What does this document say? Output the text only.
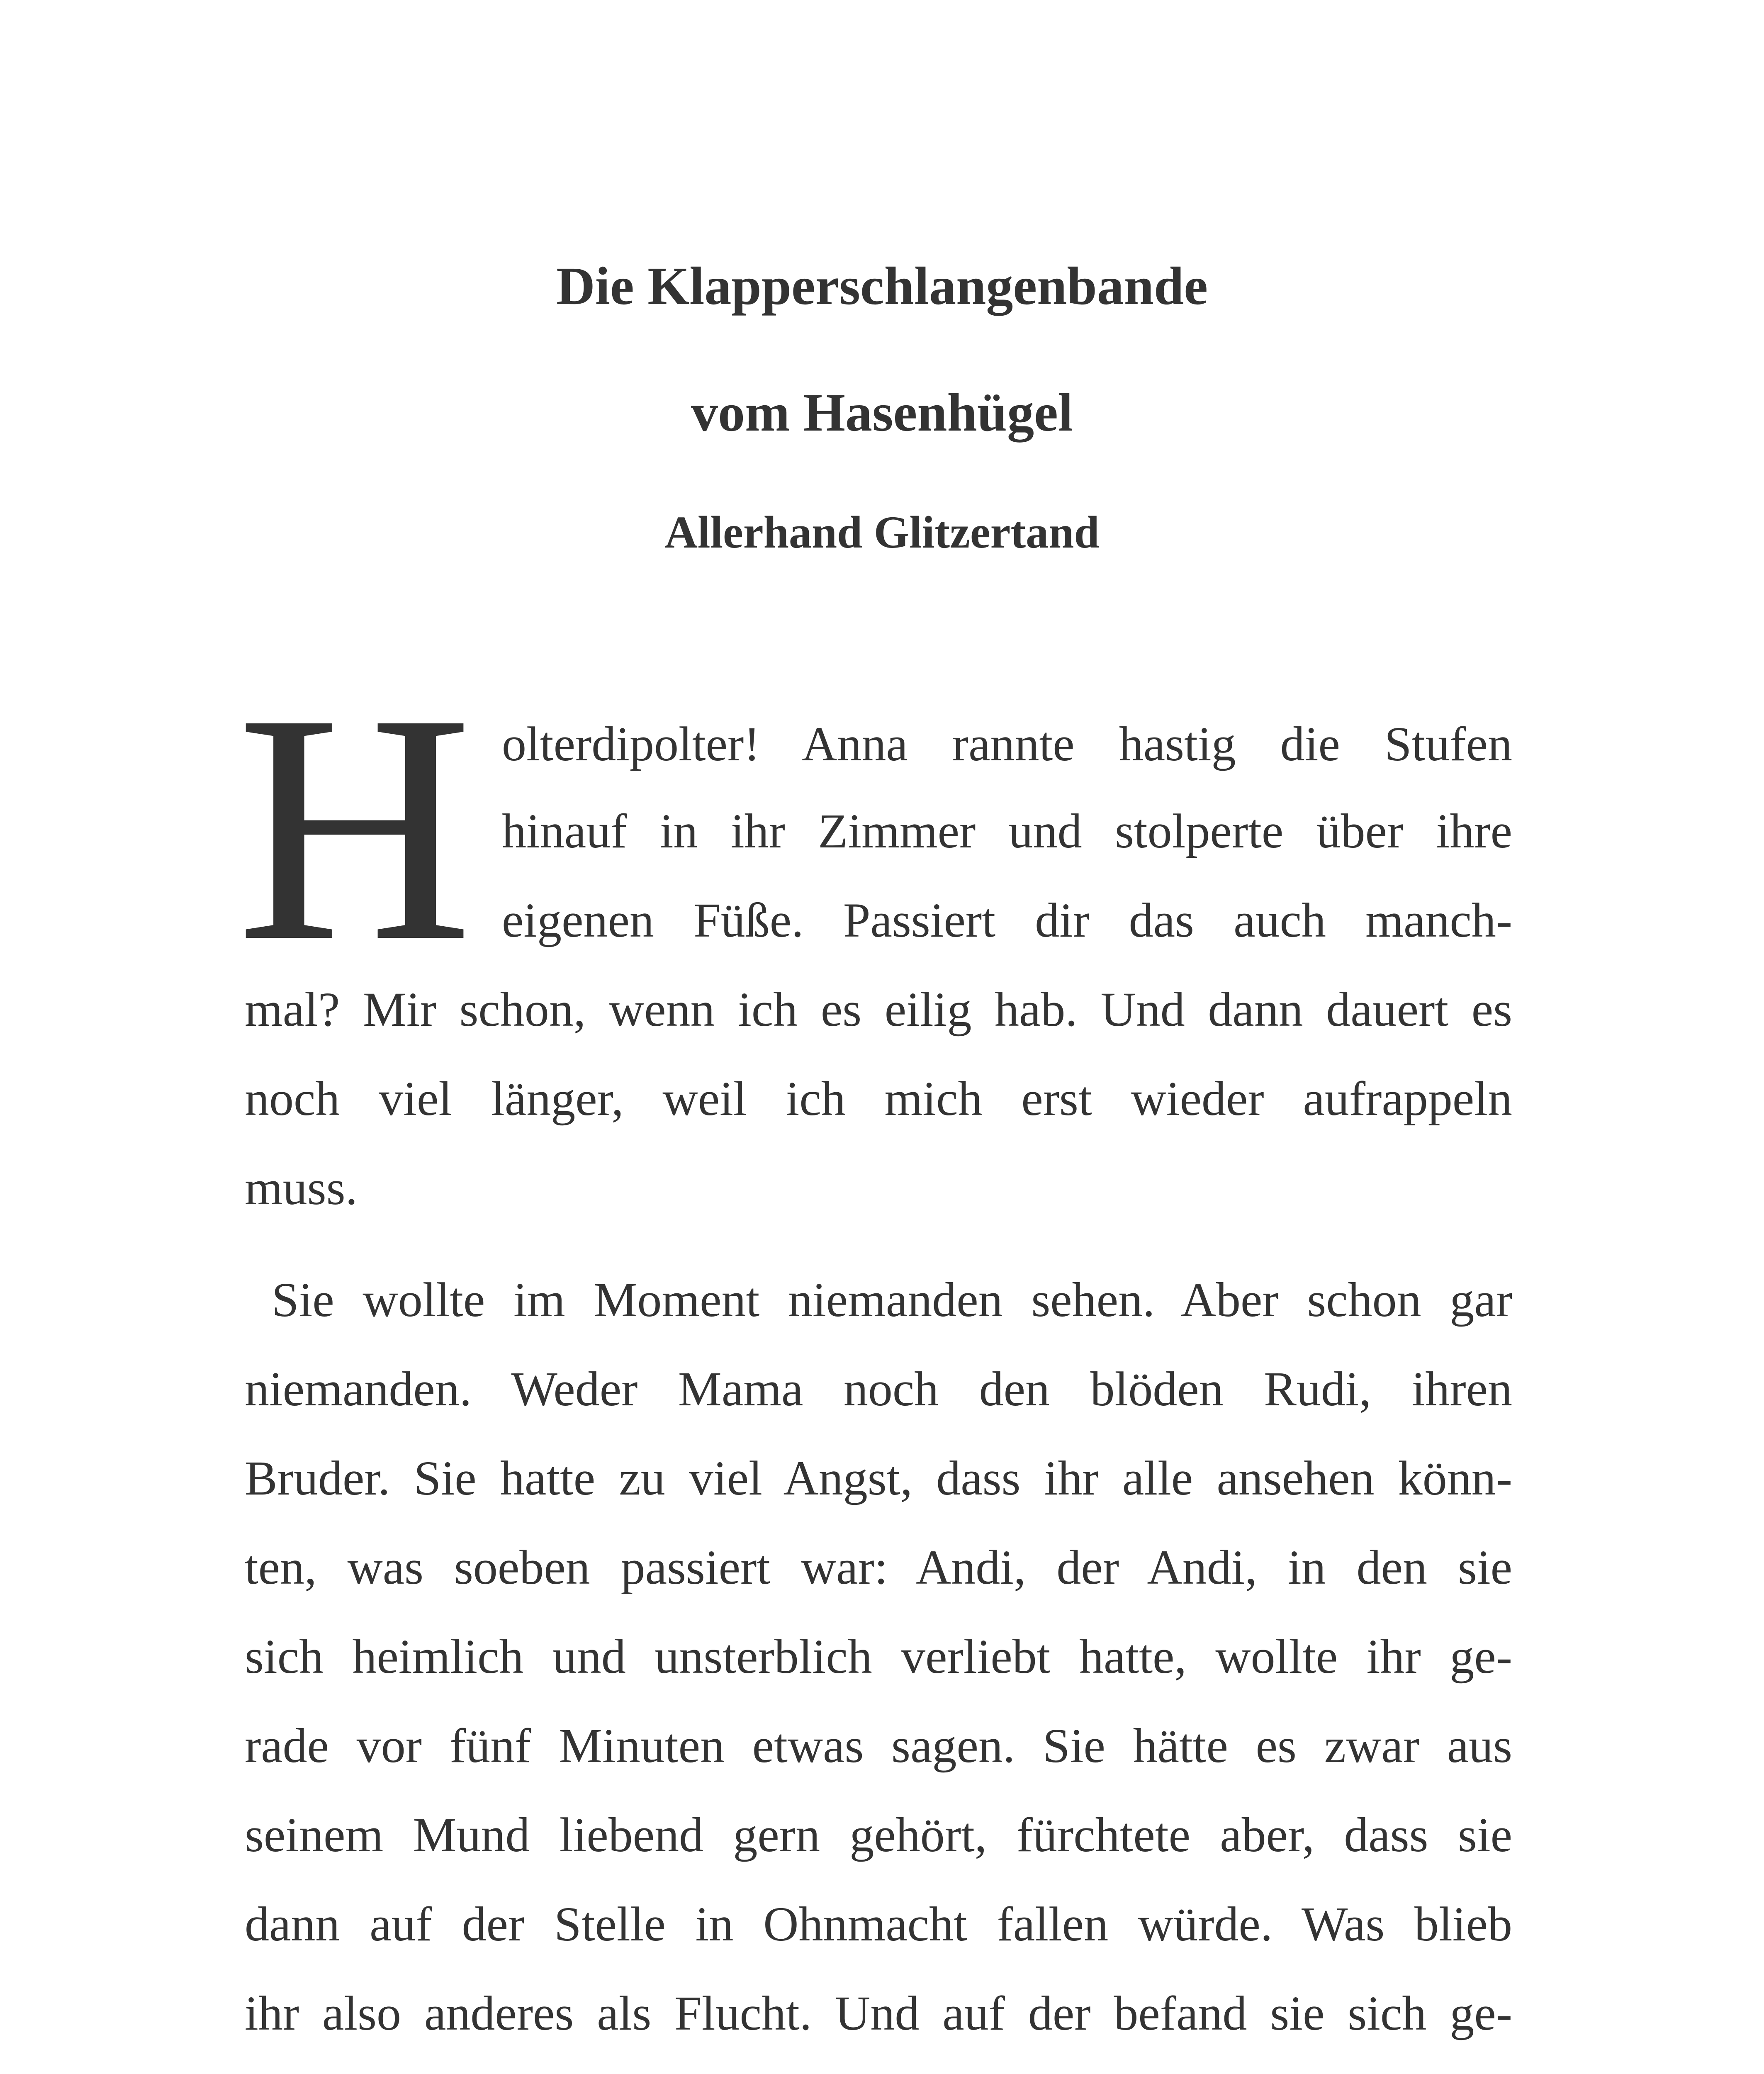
Die Klapperschlangenbande
vom Hasenhügel
Allerhand Glitzertand
H olterdipolter! Anna rannte hastig die Stufen
hinauf in ihr Zimmer und stolperte über ihre
eigenen Füße. Passiert dir das auch manch-
mal? Mir schon, wenn ich es eilig hab. Und dann dauert es
noch viel länger, weil ich mich erst wieder aufrappeln
muss.
Sie wollte im Moment niemanden sehen. Aber schon gar
niemanden. Weder Mama noch den blöden Rudi, ihren
Bruder. Sie hatte zu viel Angst, dass ihr alle ansehen könn-
ten, was soeben passiert war: Andi, der Andi, in den sie
sich heimlich und unsterblich verliebt hatte, wollte ihr ge-
rade vor fünf Minuten etwas sagen. Sie hätte es zwar aus
seinem Mund liebend gern gehört, fürchtete aber, dass sie
dann auf der Stelle in Ohnmacht fallen würde. Was blieb
ihr also anderes als Flucht. Und auf der befand sie sich ge-
